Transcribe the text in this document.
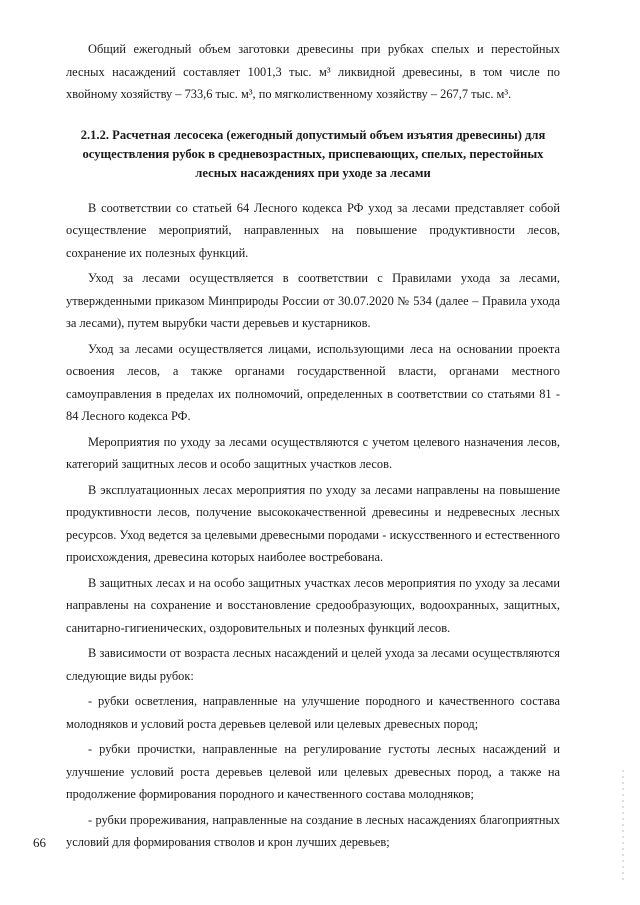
Общий ежегодный объем заготовки древесины при рубках спелых и перестойных лесных насаждений составляет 1001,3 тыс. м³ ликвидной древесины, в том числе по хвойному хозяйству – 733,6 тыс. м³, по мягколиственному хозяйству – 267,7 тыс. м³.

2.1.2. Расчетная лесосека (ежегодный допустимый объем изъятия древесины) для осуществления рубок в средневозрастных, приспевающих, спелых, перестойных лесных насаждениях при уходе за лесами

В соответствии со статьей 64 Лесного кодекса РФ уход за лесами представляет собой осуществление мероприятий, направленных на повышение продуктивности лесов, сохранение их полезных функций.

Уход за лесами осуществляется в соответствии с Правилами ухода за лесами, утвержденными приказом Минприроды России от 30.07.2020 № 534 (далее – Правила ухода за лесами), путем вырубки части деревьев и кустарников.

Уход за лесами осуществляется лицами, использующими леса на основании проекта освоения лесов, а также органами государственной власти, органами местного самоуправления в пределах их полномочий, определенных в соответствии со статьями 81 - 84 Лесного кодекса РФ.

Мероприятия по уходу за лесами осуществляются с учетом целевого назначения лесов, категорий защитных лесов и особо защитных участков лесов.

В эксплуатационных лесах мероприятия по уходу за лесами направлены на повышение продуктивности лесов, получение высококачественной древесины и недревесных лесных ресурсов. Уход ведется за целевыми древесными породами - искусственного и естественного происхождения, древесина которых наиболее востребована.

В защитных лесах и на особо защитных участках лесов мероприятия по уходу за лесами направлены на сохранение и восстановление средообразующих, водоохранных, защитных, санитарно-гигиенических, оздоровительных и полезных функций лесов.

В зависимости от возраста лесных насаждений и целей ухода за лесами осуществляются следующие виды рубок:

- рубки осветления, направленные на улучшение породного и качественного состава молодняков и условий роста деревьев целевой или целевых древесных пород;

- рубки прочистки, направленные на регулирование густоты лесных насаждений и улучшение условий роста деревьев целевой или целевых древесных пород, а также на продолжение формирования породного и качественного состава молодняков;

- рубки прореживания, направленные на создание в лесных насаждениях благоприятных условий для формирования стволов и крон лучших деревьев;

66
